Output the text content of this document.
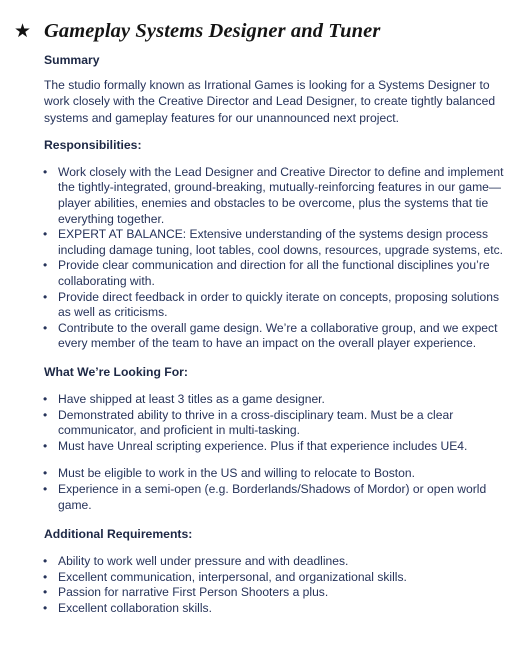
★ Gameplay Systems Designer and Tuner
Summary

The studio formally known as Irrational Games is looking for a Systems Designer to work closely with the Creative Director and Lead Designer, to create tightly balanced systems and gameplay features for our unannounced next project.

Responsibilities:
• Work closely with the Lead Designer and Creative Director to define and implement the tightly-integrated, ground-breaking, mutually-reinforcing features in our game—player abilities, enemies and obstacles to be overcome, plus the systems that tie everything together.
• EXPERT AT BALANCE: Extensive understanding of the systems design process including damage tuning, loot tables, cool downs, resources, upgrade systems, etc.
• Provide clear communication and direction for all the functional disciplines you’re collaborating with.
• Provide direct feedback in order to quickly iterate on concepts, proposing solutions as well as criticisms.
• Contribute to the overall game design. We’re a collaborative group, and we expect every member of the team to have an impact on the overall player experience.
What We’re Looking For:
• Have shipped at least 3 titles as a game designer.
• Demonstrated ability to thrive in a cross-disciplinary team. Must be a clear communicator, and proficient in multi-tasking.
• Must have Unreal scripting experience. Plus if that experience includes UE4.
• Must be eligible to work in the US and willing to relocate to Boston.
• Experience in a semi-open (e.g. Borderlands/Shadows of Mordor) or open world game.
Additional Requirements:
• Ability to work well under pressure and with deadlines.
• Excellent communication, interpersonal, and organizational skills.
• Passion for narrative First Person Shooters a plus.
• Excellent collaboration skills.
